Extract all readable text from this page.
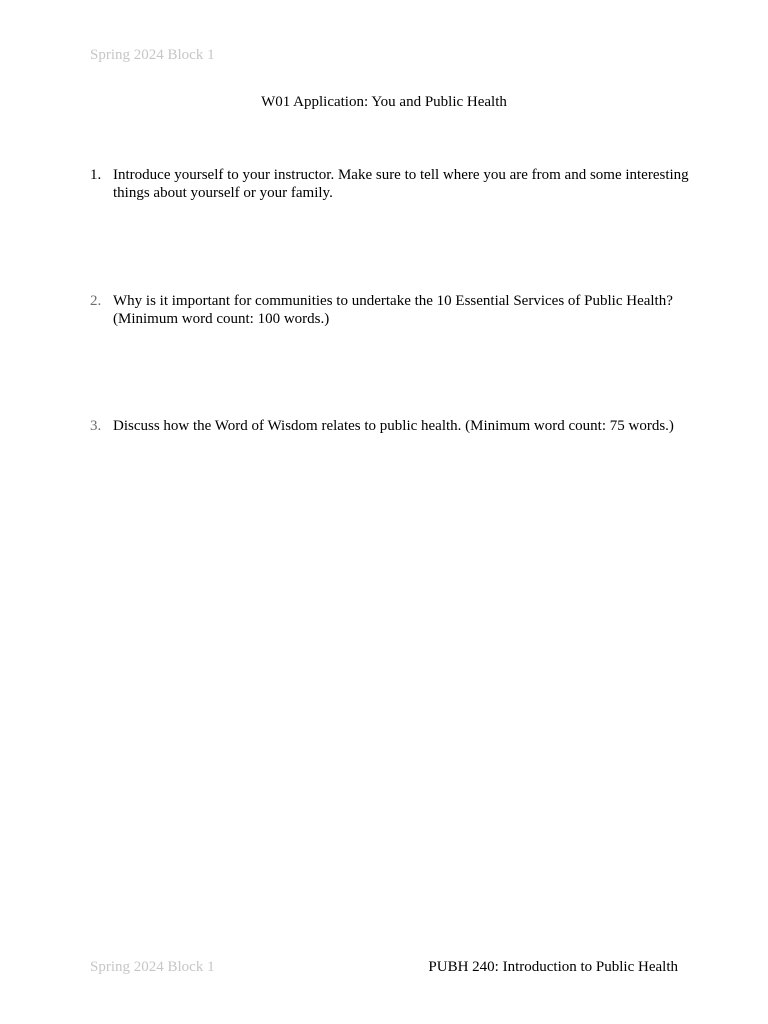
Spring 2024 Block 1
W01 Application: You and Public Health
1. Introduce yourself to your instructor. Make sure to tell where you are from and some interesting things about yourself or your family.
2. Why is it important for communities to undertake the 10 Essential Services of Public Health? (Minimum word count: 100 words.)
3. Discuss how the Word of Wisdom relates to public health. (Minimum word count: 75 words.)
Spring 2024 Block 1	PUBH 240: Introduction to Public Health
